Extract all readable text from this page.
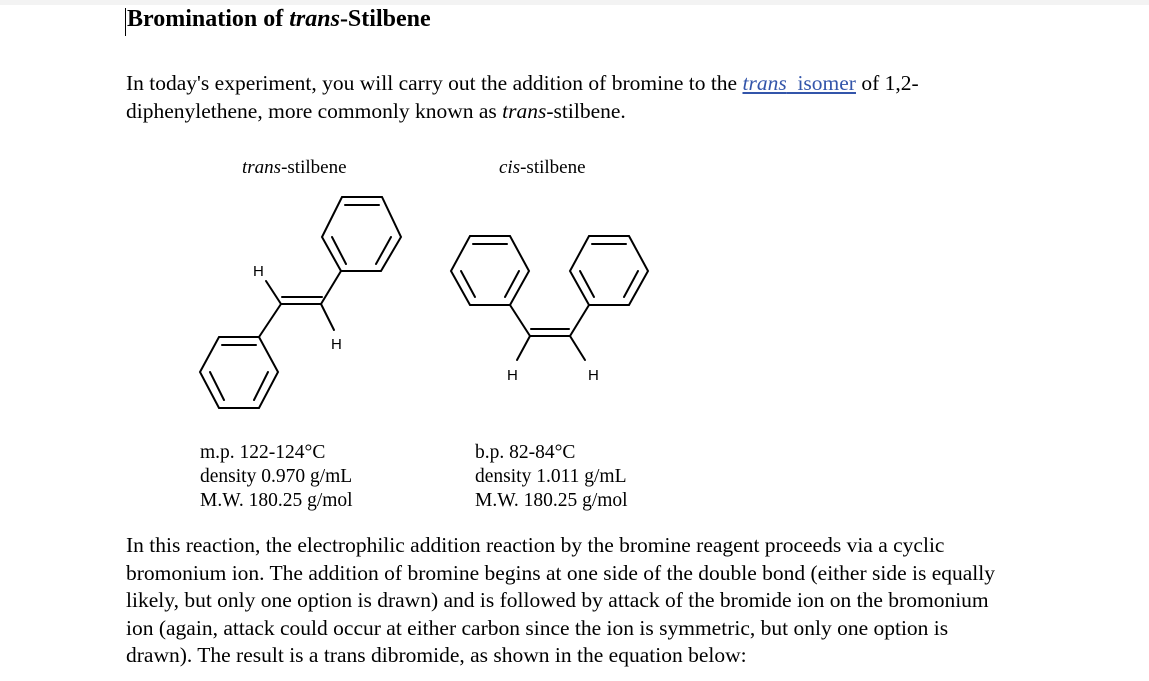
Bromination of trans-Stilbene
In today's experiment, you will carry out the addition of bromine to the trans  isomer of 1,2-
diphenylethene, more commonly known as trans-stilbene.
trans-stilbene	cis-stilbene
H
H
H	H
m.p. 122-124°C
density 0.970 g/mL
M.W. 180.25 g/mol
b.p. 82-84°C
density 1.011 g/mL
M.W. 180.25 g/mol
In this reaction, the electrophilic addition reaction by the bromine reagent proceeds via a cyclic
bromonium ion. The addition of bromine begins at one side of the double bond (either side is equally
likely, but only one option is drawn) and is followed by attack of the bromide ion on the bromonium
ion (again, attack could occur at either carbon since the ion is symmetric, but only one option is
drawn). The result is a trans dibromide, as shown in the equation below:
